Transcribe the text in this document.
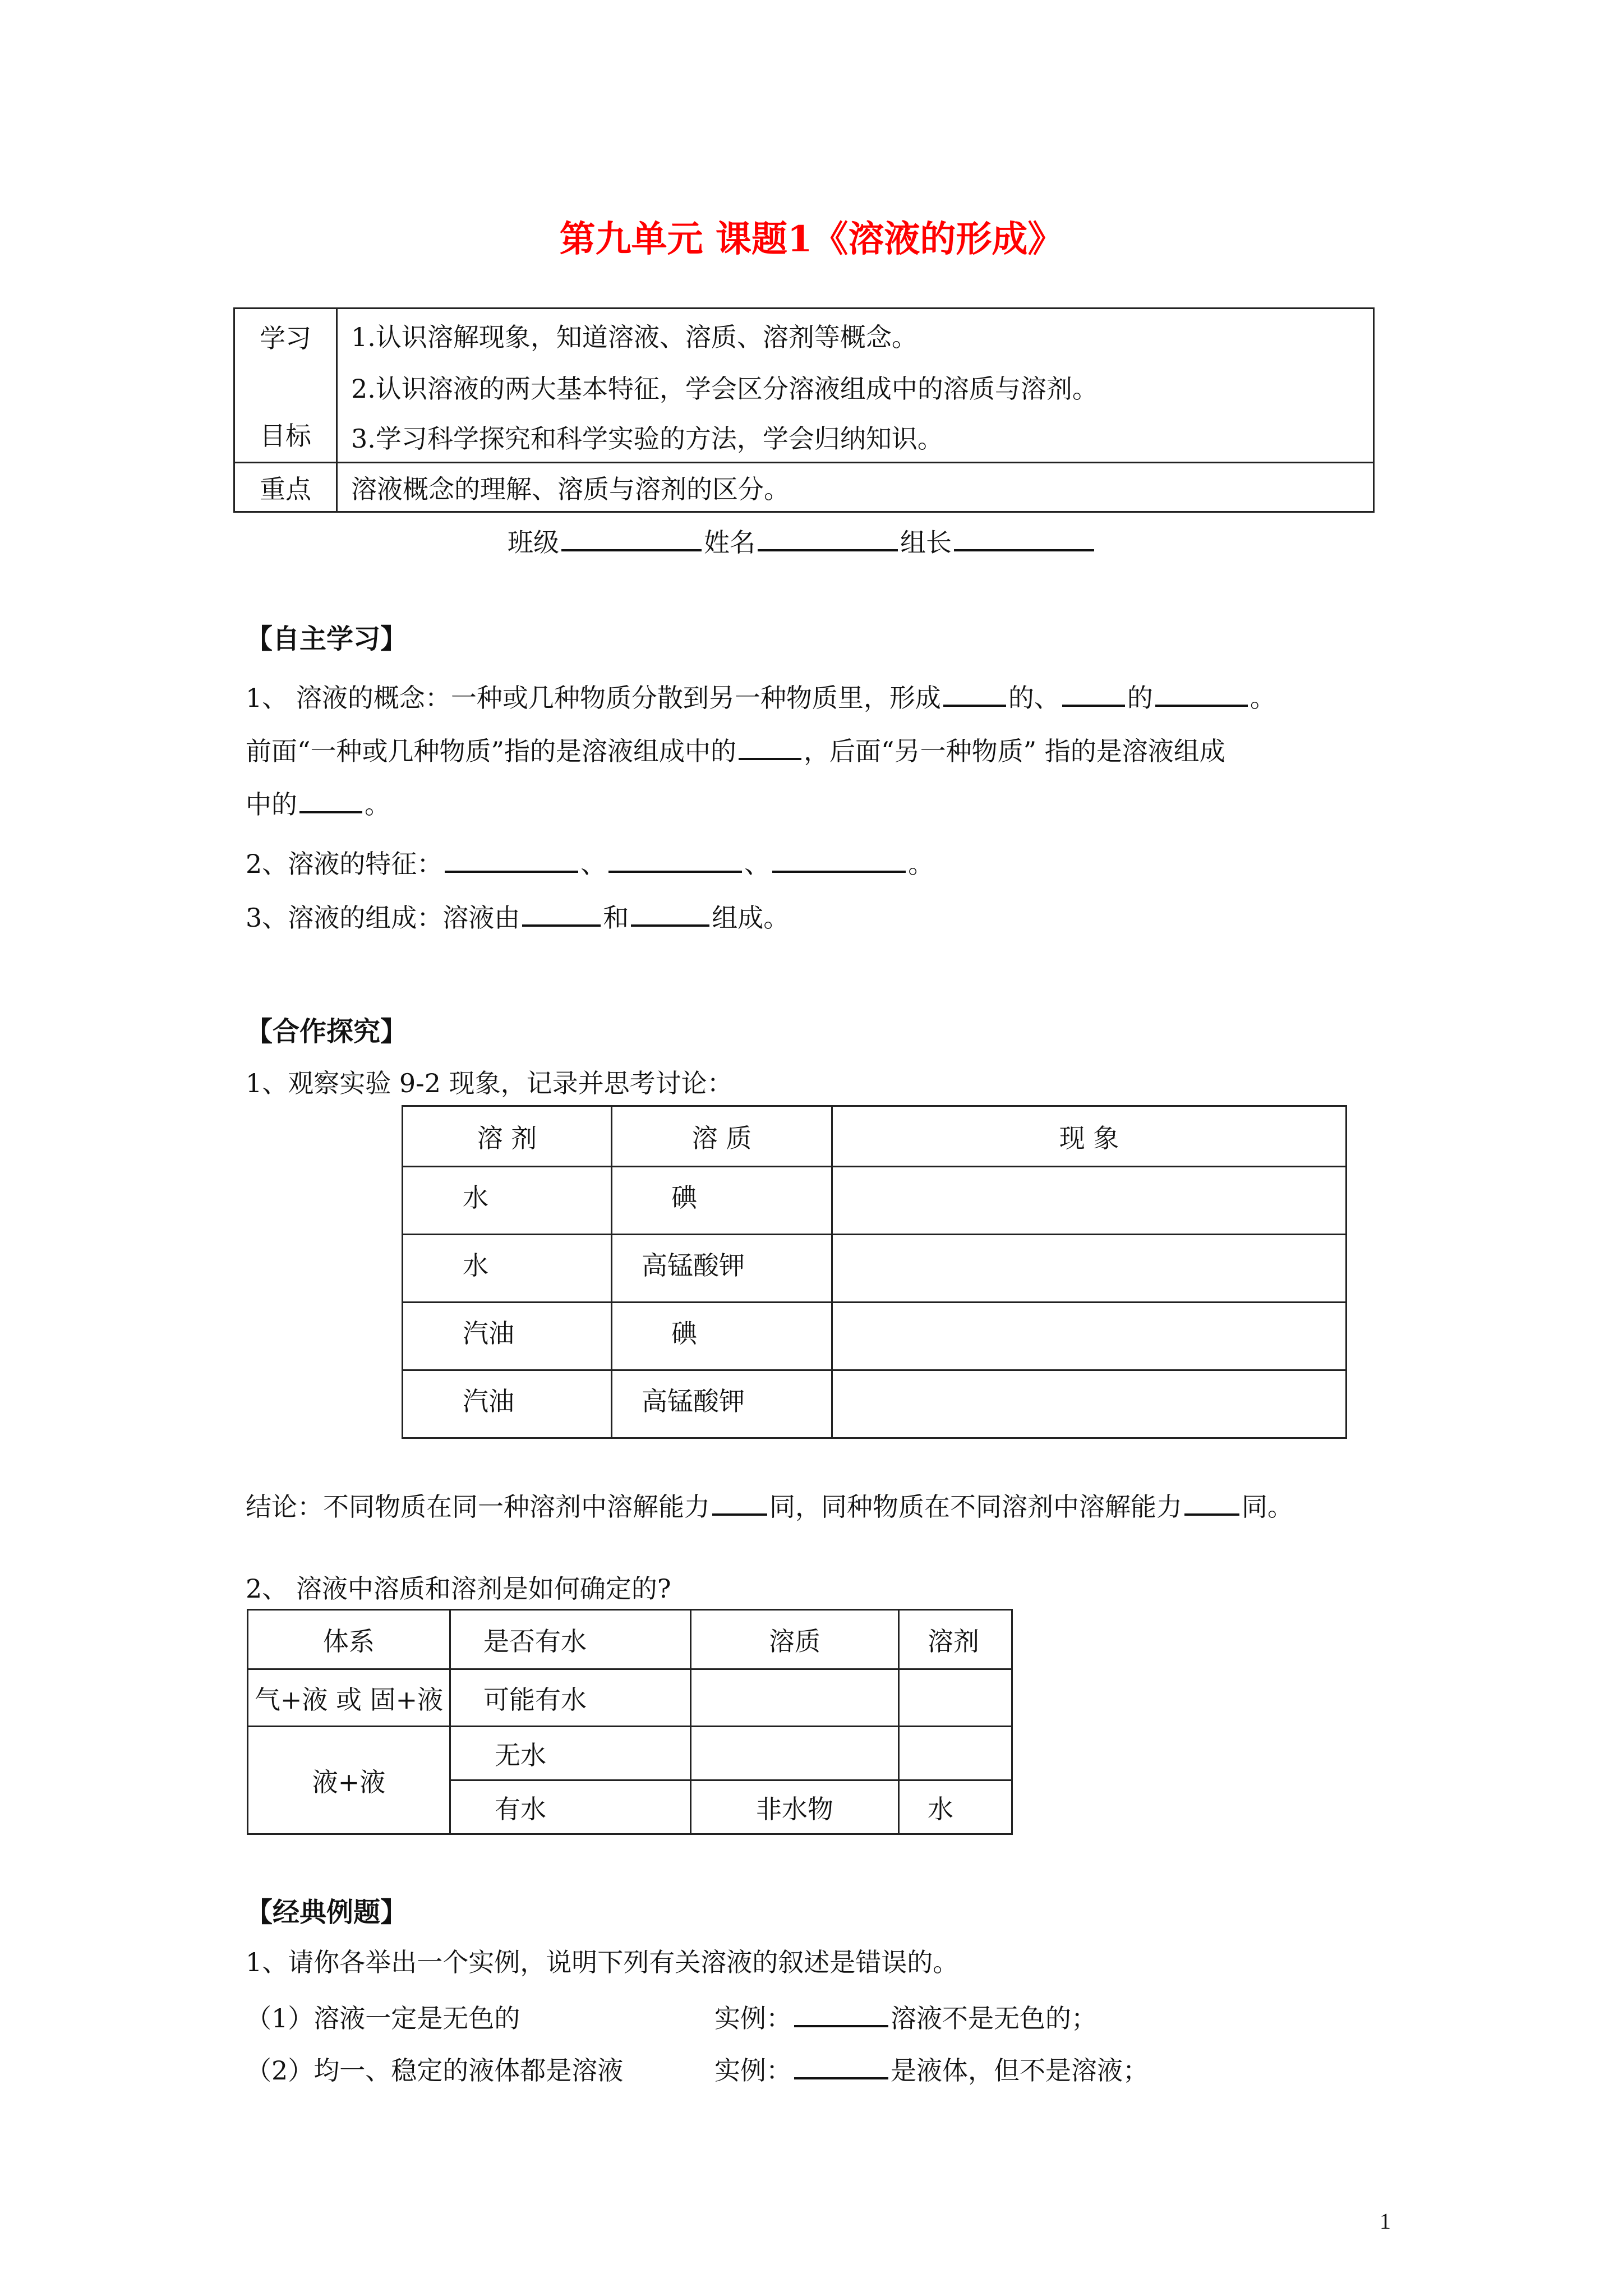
第九单元 课题1《溶液的形成》
学习
目标	1.认识溶解现象，知道溶液、溶质、溶剂等概念。
	2.认识溶液的两大基本特征，学会区分溶液组成中的溶质与溶剂。
	3.学习科学探究和科学实验的方法，学会归纳知识。
重点	溶液概念的理解、溶质与溶剂的区分。
班级	姓名	组长
【自主学习】
1、 溶液的概念：一种或几种物质分散到另一种物质里，形成	的、	的	。
前面“一种或几种物质”指的是溶液组成中的	，后面“另一种物质” 指的是溶液组成
中的	。
2、溶液的特征：	、	、	。
3、溶液的组成：溶液由	和	组成。
【合作探究】
1、观察实验 9-2 现象，记录并思考讨论：
溶 剂	溶 质	现 象
水	碘	
水	高锰酸钾	
汽油	碘	
汽油	高锰酸钾	
结论：不同物质在同一种溶剂中溶解能力 同，同种物质在不同溶剂中溶解能力 同。
2、 溶液中溶质和溶剂是如何确定的?
体系	是否有水	溶质	溶剂
气+液 或 固+液	可能有水		
液+液	无水		
	有水	非水物	水
【经典例题】
1、请你各举出一个实例，说明下列有关溶液的叙述是错误的。
（1）溶液一定是无色的	实例：	溶液不是无色的；
（2）均一、稳定的液体都是溶液	实例：	是液体，但不是溶液；
1
